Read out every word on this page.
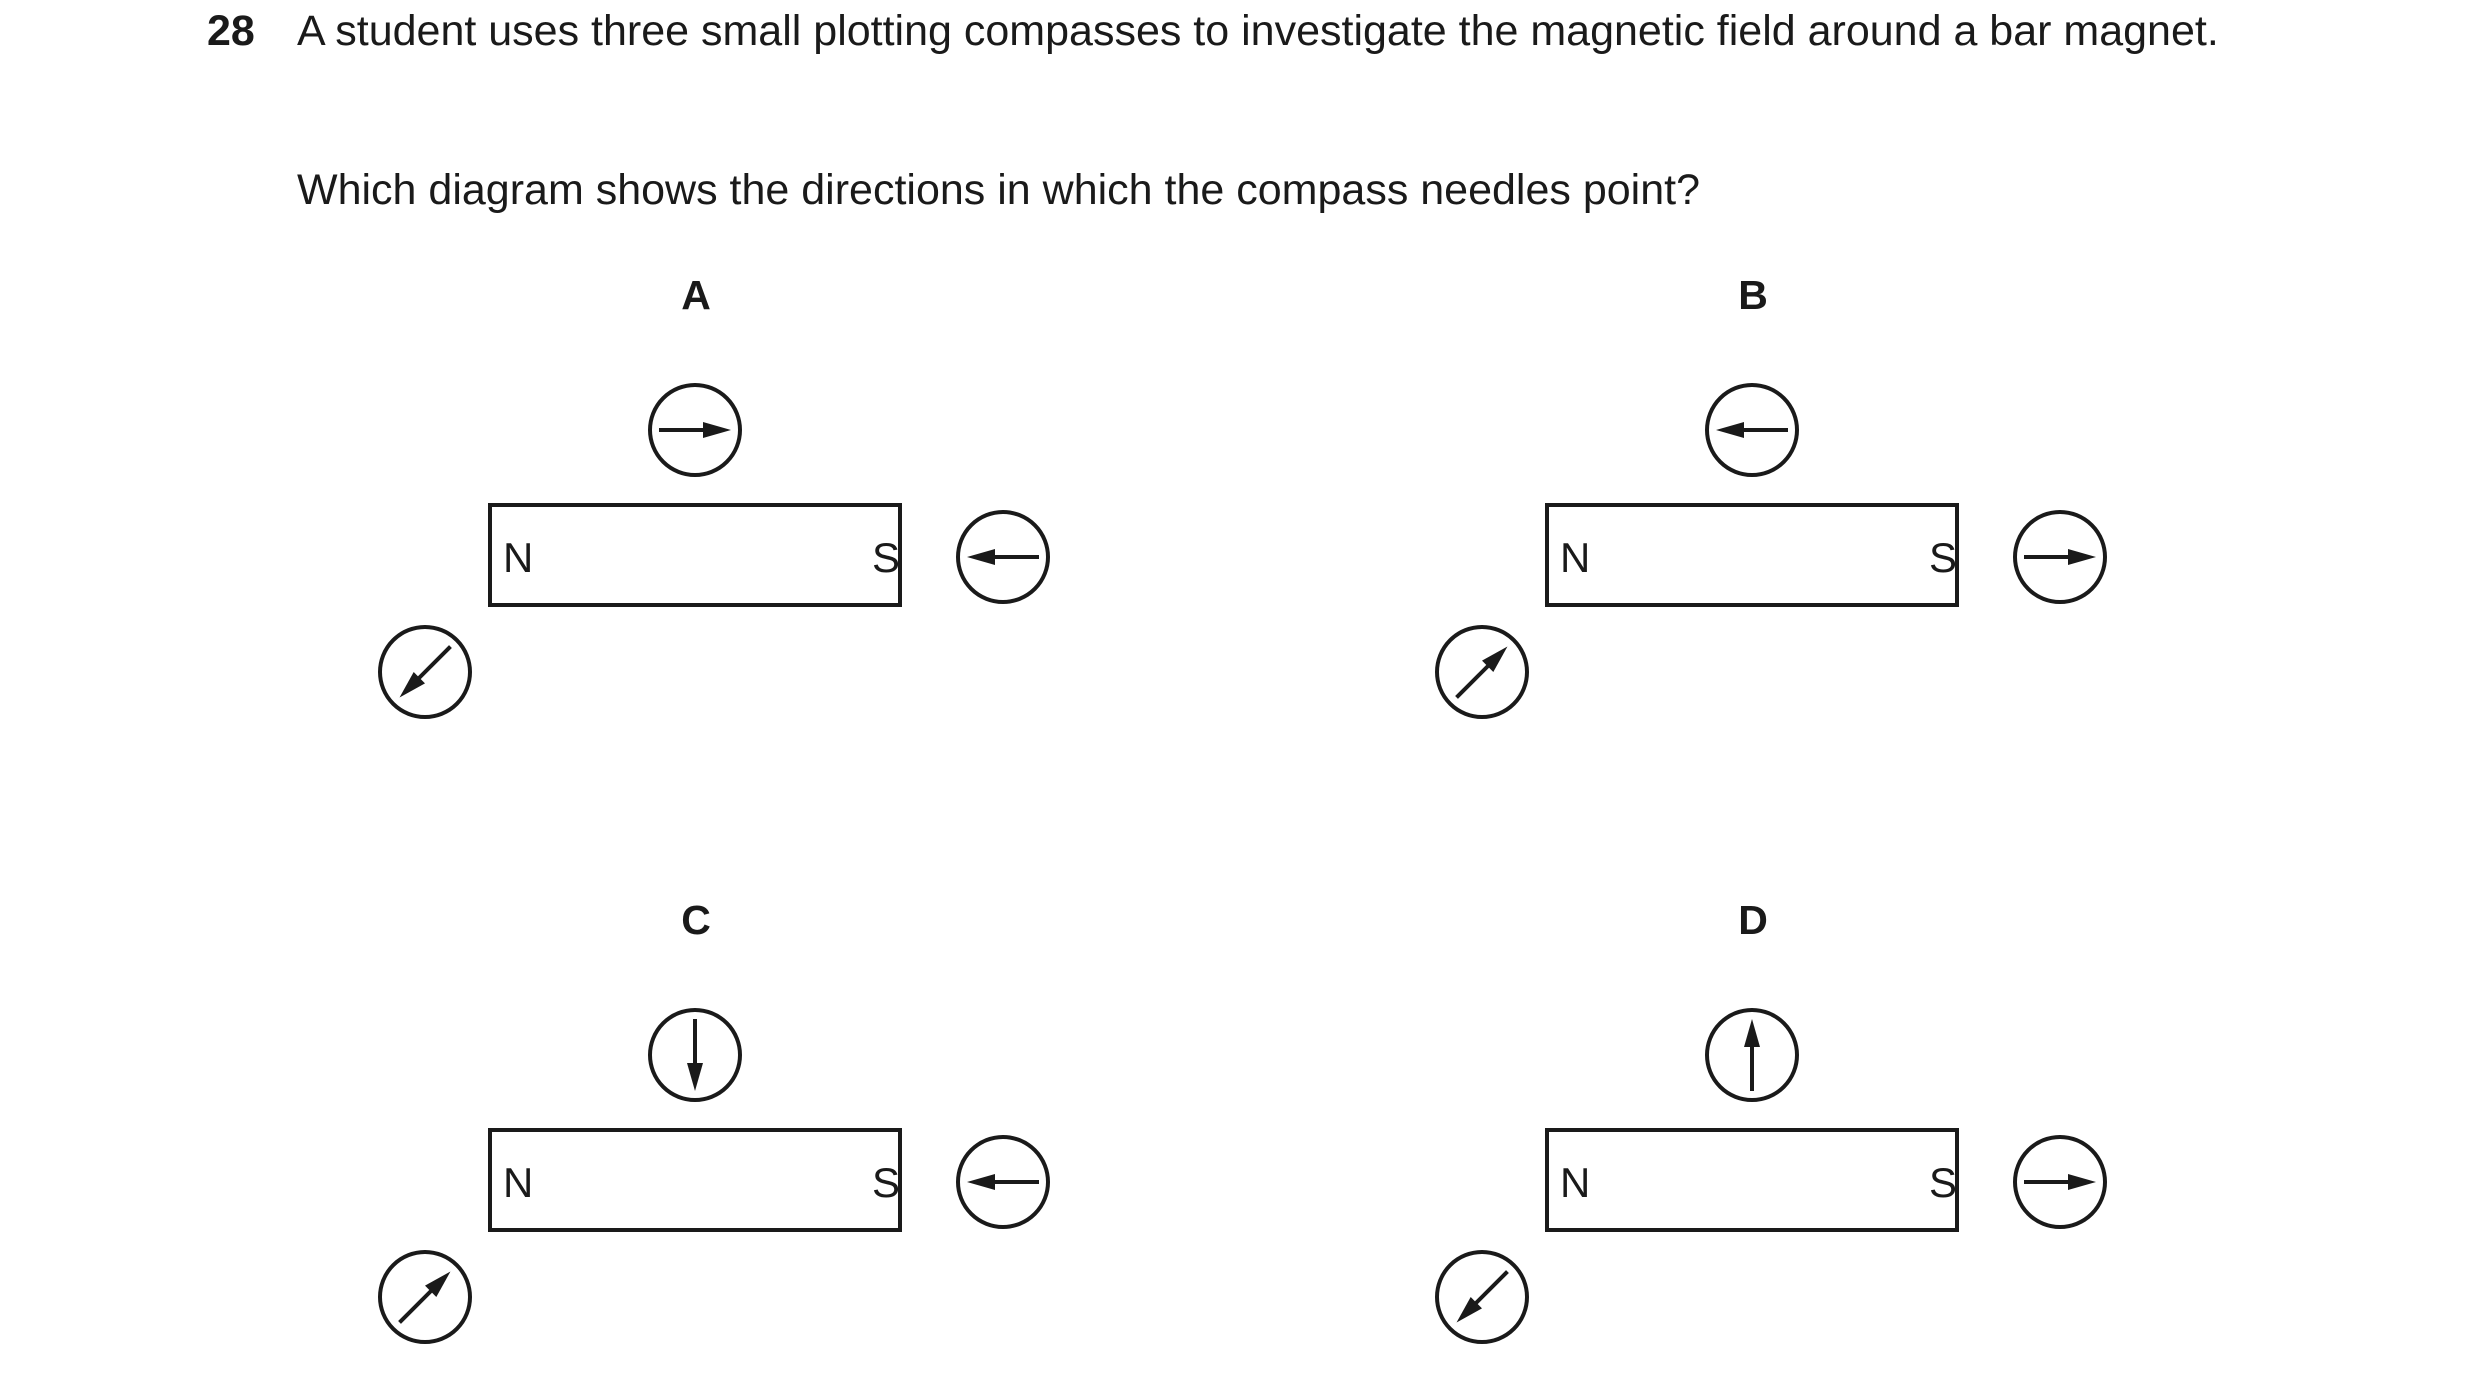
28 A student uses three small plotting compasses to investigate the magnetic field around a bar magnet.
Which diagram shows the directions in which the compass needles point?
A
N	S
B
N	S
C
N	S
D
N	S
